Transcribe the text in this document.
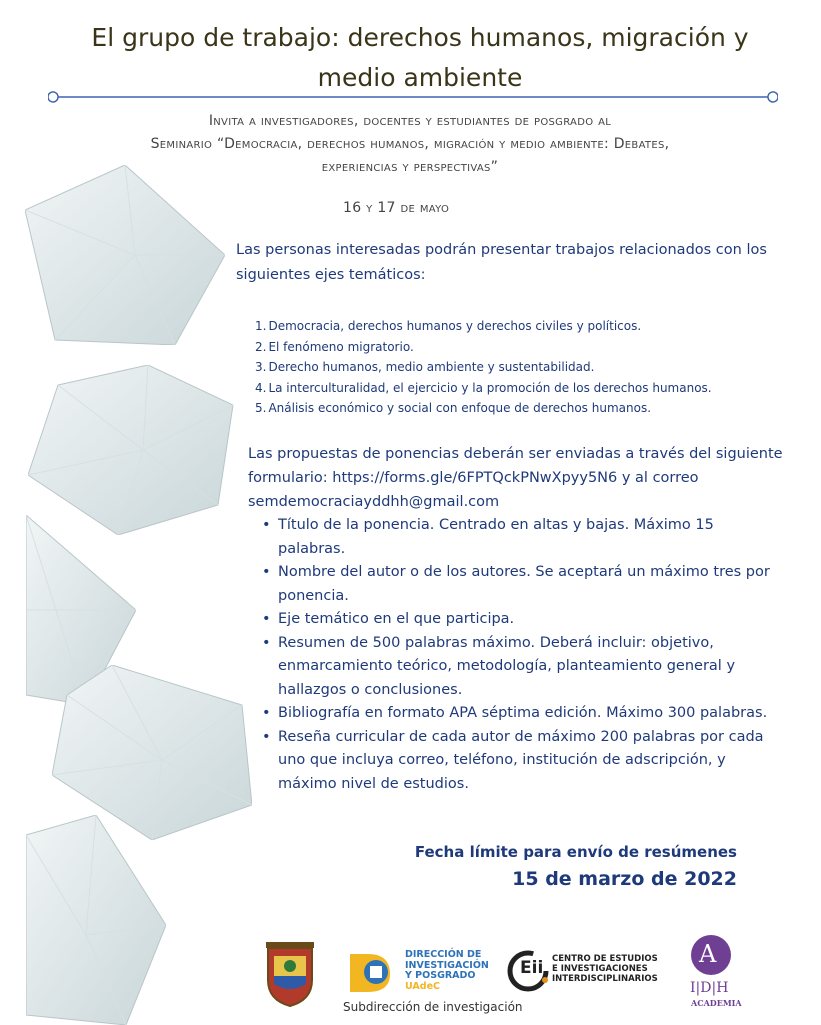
El grupo de trabajo: derechos humanos, migración y
medio ambiente
Invita a investigadores, docentes y estudiantes de posgrado al
Seminario “Democracia, derechos humanos, migración y medio ambiente: Debates,
experiencias y perspectivas”
16 y 17 de mayo
Las personas interesadas podrán presentar trabajos relacionados con los siguientes ejes temáticos:
1. Democracia, derechos humanos y derechos civiles y políticos.
2. El fenómeno migratorio.
3. Derecho humanos, medio ambiente y sustentabilidad.
4. La interculturalidad, el ejercicio y la promoción de los derechos humanos.
5. Análisis económico y social con enfoque de derechos humanos.
Las propuestas de ponencias deberán ser enviadas a través del siguiente formulario: https://forms.gle/6FPTQckPNwXpyy5N6 y al correo semdemocraciayddhh@gmail.com
• Título de la ponencia. Centrado en altas y bajas. Máximo 15 palabras.
• Nombre del autor o de los autores. Se aceptará un máximo tres por ponencia.
• Eje temático en el que participa.
• Resumen de 500 palabras máximo. Deberá incluir: objetivo, enmarcamiento teórico, metodología, planteamiento general y hallazgos o conclusiones.
• Bibliografía en formato APA séptima edición. Máximo 300 palabras.
• Reseña curricular de cada autor de máximo 200 palabras por cada uno que incluya correo, teléfono, institución de adscripción, y máximo nivel de estudios.
Fecha límite para envío de resúmenes
15 de marzo de 2022
DIRECCIÓN DE
INVESTIGACIÓN
Y POSGRADO
UAdeC
Subdirección de investigación
Eii CENTRO DE ESTUDIOS
E INVESTIGACIONES
INTERDISCIPLINARIOS
A
I|D|H
ACADEMIA
